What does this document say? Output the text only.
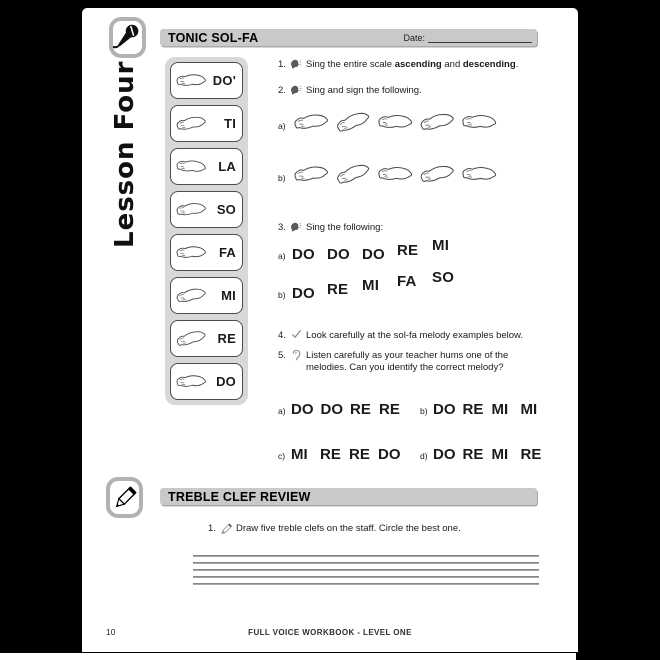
TONIC SOL-FA	Date:
Lesson Four	DO'
TI
LA
SO
FA
MI
RE
DO
1.	Sing the entire scale ascending and descending.
2.	Sing and sign the following.
a)
b)
3.	Sing the following:
a) DO DO DO RE MI
b) DO RE MI	FA	SO
4.	Look carefully at the sol-fa melody examples below.
5.	Listen carefully as your teacher hums one of the
melodies. Can you identify the correct melody?
a) DO DO RE RE b) DO RE MI MI
c) MI RE RE DO d) DO RE MI RE
TREBLE CLEF REVIEW
1.	Draw five treble clefs on the staff. Circle the best one.
10	FULL VOICE WORKBOOK - LEVEL ONE
